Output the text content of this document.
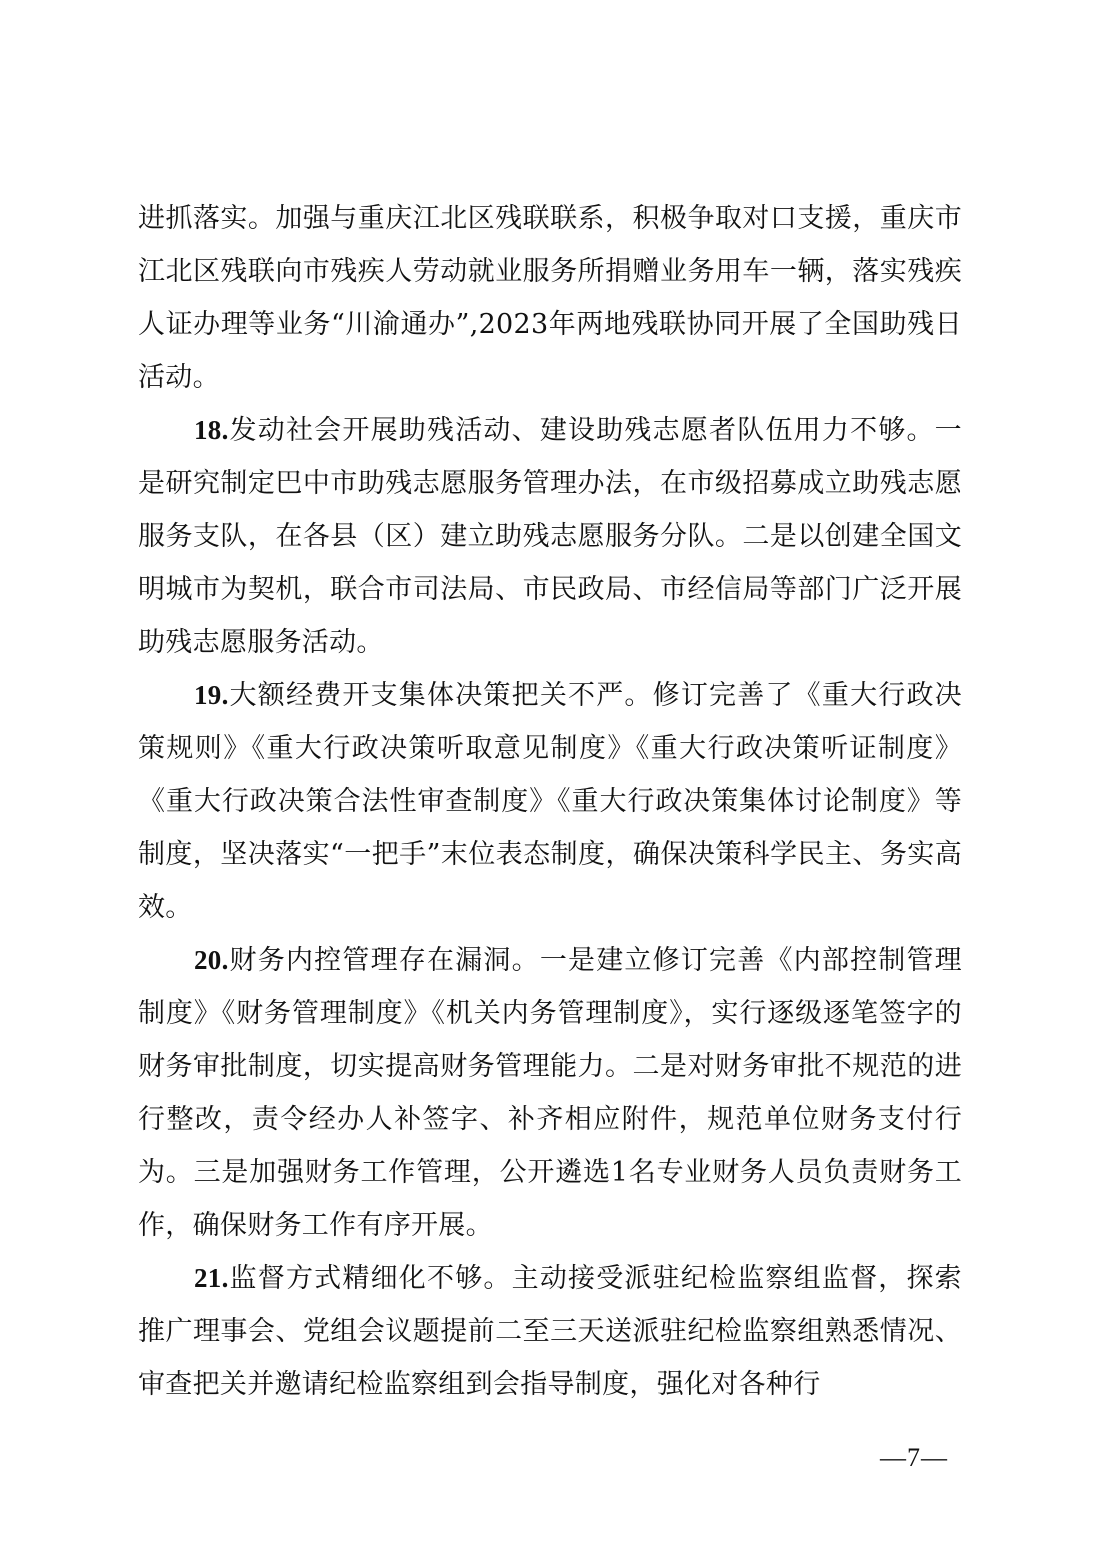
进抓落实。加强与重庆江北区残联联系，积极争取对口支援，重庆市江北区残联向市残疾人劳动就业服务所捐赠业务用车一辆，落实残疾人证办理等业务“川渝通办”,2023年两地残联协同开展了全国助残日活动。

18.发动社会开展助残活动、建设助残志愿者队伍用力不够。一是研究制定巴中市助残志愿服务管理办法，在市级招募成立助残志愿服务支队，在各县（区）建立助残志愿服务分队。二是以创建全国文明城市为契机，联合市司法局、市民政局、市经信局等部门广泛开展助残志愿服务活动。

19.大额经费开支集体决策把关不严。修订完善了《重大行政决策规则》《重大行政决策听取意见制度》《重大行政决策听证制度》《重大行政决策合法性审查制度》《重大行政决策集体讨论制度》等制度，坚决落实“一把手”末位表态制度，确保决策科学民主、务实高效。

20.财务内控管理存在漏洞。一是建立修订完善《内部控制管理制度》《财务管理制度》《机关内务管理制度》，实行逐级逐笔签字的财务审批制度，切实提高财务管理能力。二是对财务审批不规范的进行整改，责令经办人补签字、补齐相应附件，规范单位财务支付行为。三是加强财务工作管理，公开遴选1名专业财务人员负责财务工作，确保财务工作有序开展。

21.监督方式精细化不够。主动接受派驻纪检监察组监督，探索推广理事会、党组会议题提前二至三天送派驻纪检监察组熟悉情况、审查把关并邀请纪检监察组到会指导制度，强化对各种行

—7—
